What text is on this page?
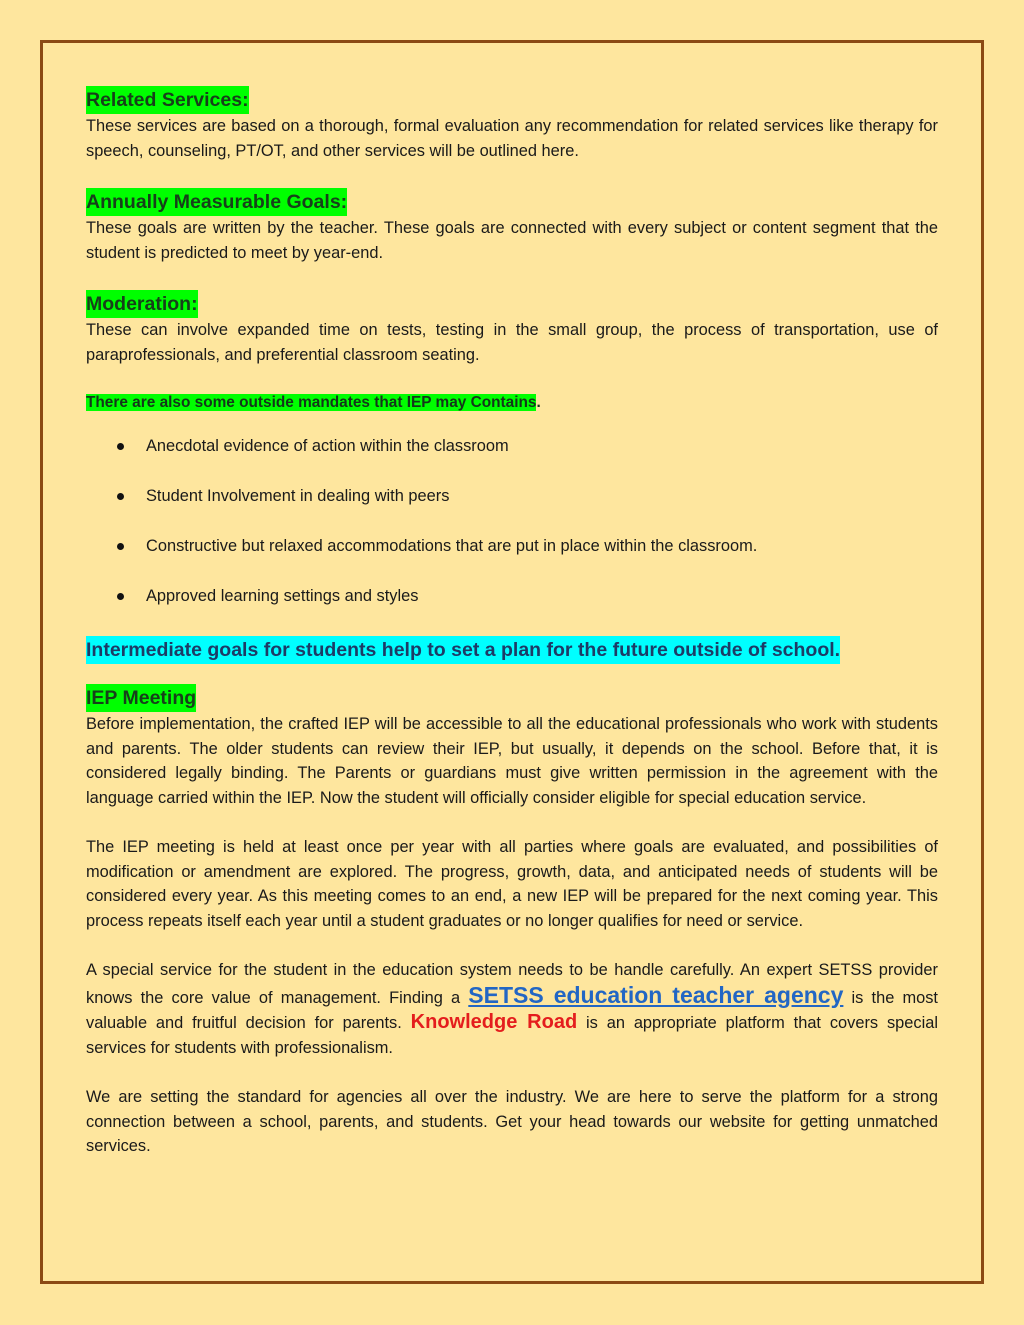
Related Services:

These services are based on a thorough, formal evaluation any recommendation for related services like therapy for speech, counseling, PT/OT, and other services will be outlined here.

Annually Measurable Goals:

These goals are written by the teacher. These goals are connected with every subject or content segment that the student is predicted to meet by year-end.

Moderation:

These can involve expanded time on tests, testing in the small group, the process of transportation, use of paraprofessionals, and preferential classroom seating.

There are also some outside mandates that IEP may Contains.

Anecdotal evidence of action within the classroom
Student Involvement in dealing with peers
Constructive but relaxed accommodations that are put in place within the classroom.
Approved learning settings and styles
Intermediate goals for students help to set a plan for the future outside of school.
IEP Meeting

Before implementation, the crafted IEP will be accessible to all the educational professionals who work with students and parents. The older students can review their IEP, but usually, it depends on the school. Before that, it is considered legally binding. The Parents or guardians must give written permission in the agreement with the language carried within the IEP. Now the student will officially consider eligible for special education service.

The IEP meeting is held at least once per year with all parties where goals are evaluated, and possibilities of modification or amendment are explored. The progress, growth, data, and anticipated needs of students will be considered every year. As this meeting comes to an end, a new IEP will be prepared for the next coming year. This process repeats itself each year until a student graduates or no longer qualifies for need or service.

A special service for the student in the education system needs to be handle carefully. An expert SETSS provider knows the core value of management. Finding a SETSS education teacher agency is the most valuable and fruitful decision for parents. Knowledge Road is an appropriate platform that covers special services for students with professionalism.

We are setting the standard for agencies all over the industry. We are here to serve the platform for a strong connection between a school, parents, and students. Get your head towards our website for getting unmatched services.
